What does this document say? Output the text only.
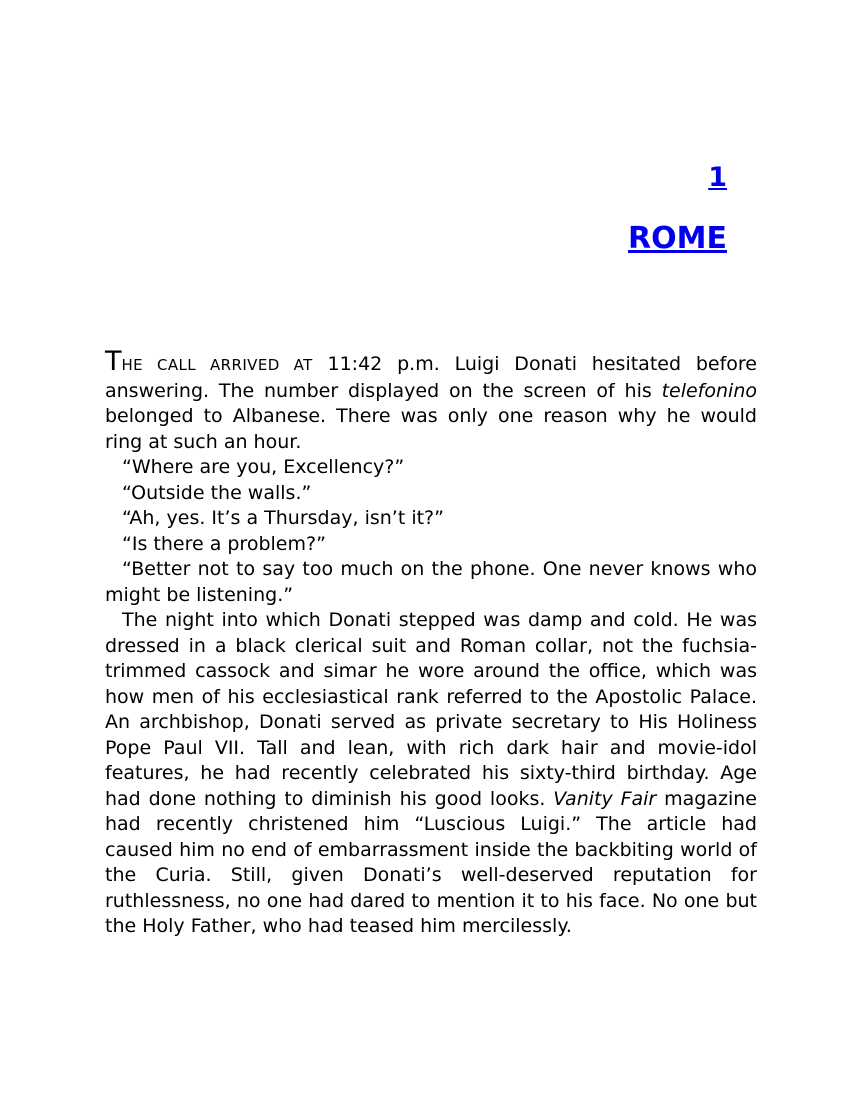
1
ROME

THE CALL ARRIVED AT 11:42 p.m. Luigi Donati hesitated before answering. The number displayed on the screen of his telefonino belonged to Albanese. There was only one reason why he would ring at such an hour.

“Where are you, Excellency?”

“Outside the walls.”

“Ah, yes. It’s a Thursday, isn’t it?”

“Is there a problem?”

“Better not to say too much on the phone. One never knows who might be listening.”

The night into which Donati stepped was damp and cold. He was dressed in a black clerical suit and Roman collar, not the fuchsia-trimmed cassock and simar he wore around the office, which was how men of his ecclesiastical rank referred to the Apostolic Palace. An archbishop, Donati served as private secretary to His Holiness Pope Paul VII. Tall and lean, with rich dark hair and movie-idol features, he had recently celebrated his sixty-third birthday. Age had done nothing to diminish his good looks. Vanity Fair magazine had recently christened him “Luscious Luigi.” The article had caused him no end of embarrassment inside the backbiting world of the Curia. Still, given Donati’s well-deserved reputation for ruthlessness, no one had dared to mention it to his face. No one but the Holy Father, who had teased him mercilessly.
